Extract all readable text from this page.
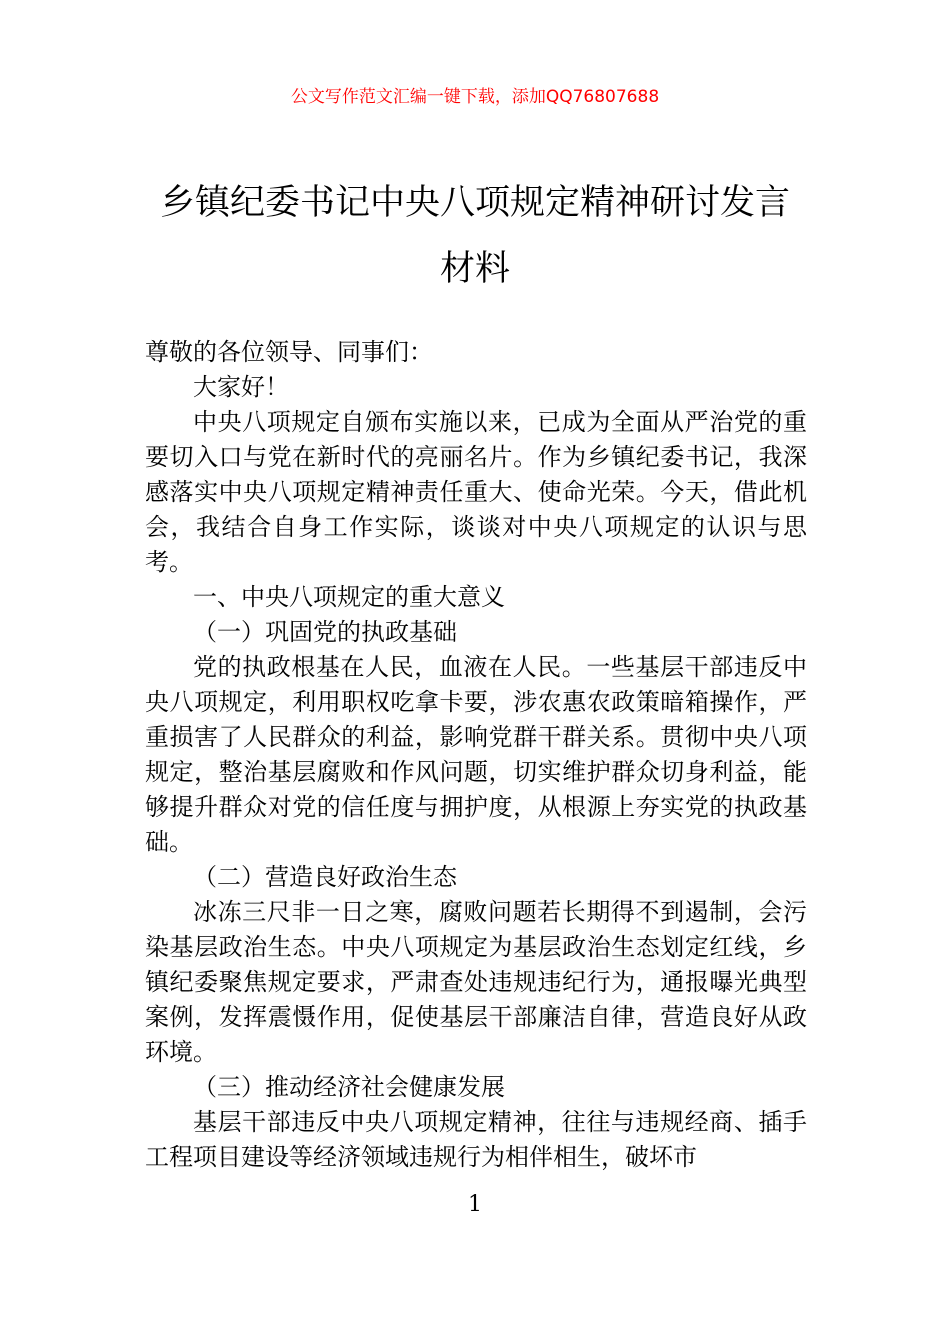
公文写作范文汇编一键下载，添加QQ76807688
乡镇纪委书记中央八项规定精神研讨发言
材料

尊敬的各位领导、同事们：

大家好！

中央八项规定自颁布实施以来，已成为全面从严治党的重要切入口与党在新时代的亮丽名片。作为乡镇纪委书记，我深感落实中央八项规定精神责任重大、使命光荣。今天，借此机会，我结合自身工作实际，谈谈对中央八项规定的认识与思考。

一、中央八项规定的重大意义

（一）巩固党的执政基础

党的执政根基在人民，血液在人民。一些基层干部违反中央八项规定，利用职权吃拿卡要，涉农惠农政策暗箱操作，严重损害了人民群众的利益，影响党群干群关系。贯彻中央八项规定，整治基层腐败和作风问题，切实维护群众切身利益，能够提升群众对党的信任度与拥护度，从根源上夯实党的执政基础。

（二）营造良好政治生态

冰冻三尺非一日之寒，腐败问题若长期得不到遏制，会污染基层政治生态。中央八项规定为基层政治生态划定红线，乡镇纪委聚焦规定要求，严肃查处违规违纪行为，通报曝光典型案例，发挥震慑作用，促使基层干部廉洁自律，营造良好从政环境。

（三）推动经济社会健康发展

基层干部违反中央八项规定精神，往往与违规经商、插手工程项目建设等经济领域违规行为相伴相生，破坏市

1
